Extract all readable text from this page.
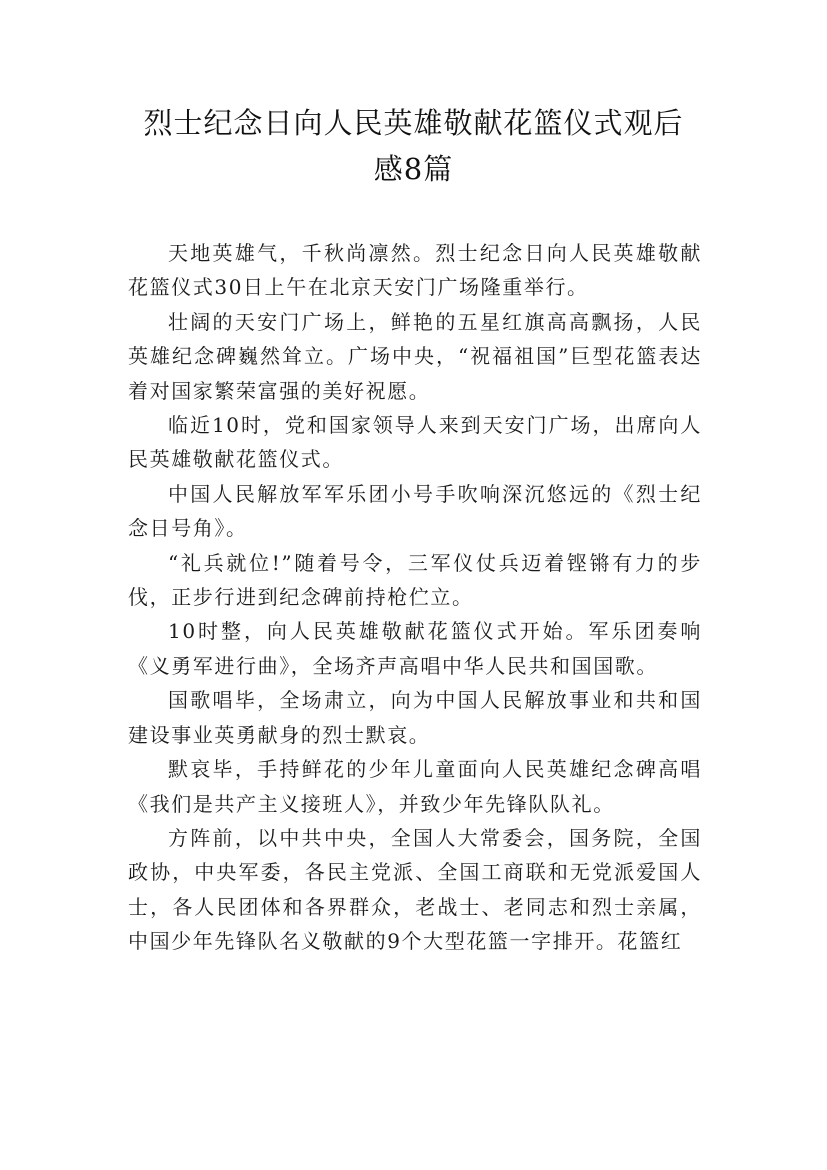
烈士纪念日向人民英雄敬献花篮仪式观后
感8篇

天地英雄气，千秋尚凛然。烈士纪念日向人民英雄敬献花篮仪式30日上午在北京天安门广场隆重举行。

壮阔的天安门广场上，鲜艳的五星红旗高高飘扬，人民英雄纪念碑巍然耸立。广场中央，“祝福祖国”巨型花篮表达着对国家繁荣富强的美好祝愿。

临近10时，党和国家领导人来到天安门广场，出席向人民英雄敬献花篮仪式。

中国人民解放军军乐团小号手吹响深沉悠远的《烈士纪念日号角》。

“礼兵就位!”随着号令，三军仪仗兵迈着铿锵有力的步伐，正步行进到纪念碑前持枪伫立。

10时整，向人民英雄敬献花篮仪式开始。军乐团奏响《义勇军进行曲》，全场齐声高唱中华人民共和国国歌。

国歌唱毕，全场肃立，向为中国人民解放事业和共和国建设事业英勇献身的烈士默哀。

默哀毕，手持鲜花的少年儿童面向人民英雄纪念碑高唱《我们是共产主义接班人》，并致少年先锋队队礼。

方阵前，以中共中央，全国人大常委会，国务院，全国政协，中央军委，各民主党派、全国工商联和无党派爱国人士，各人民团体和各界群众，老战士、老同志和烈士亲属，中国少年先锋队名义敬献的9个大型花篮一字排开。花篮红
